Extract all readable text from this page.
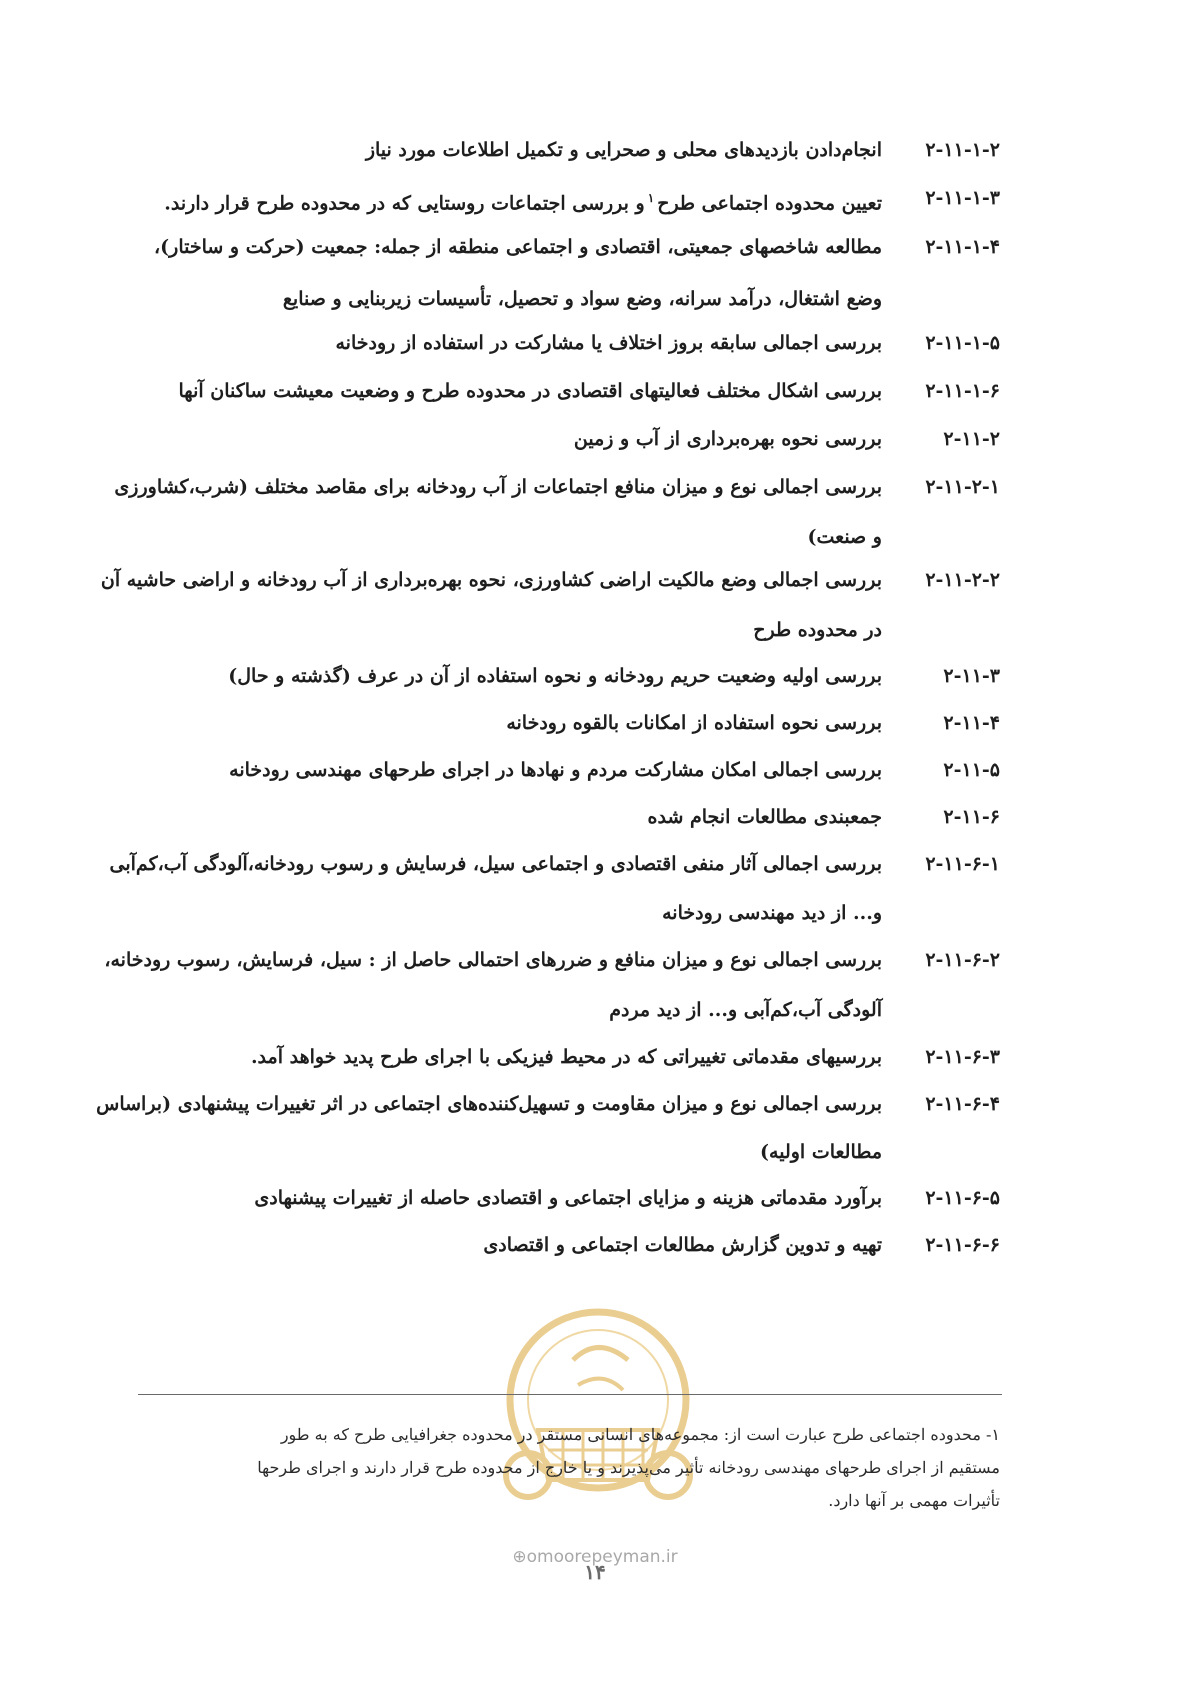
۲-۱۱-۱-۲
انجام‌دادن بازدیدهای محلی و صحرایی و تکمیل اطلاعات مورد نیاز
۲-۱۱-۱-۳
تعیین محدوده اجتماعی طرح$^۱$و بررسی اجتماعات روستایی که در محدوده طرح قرار دارند.
۲-۱۱-۱-۴
مطالعه شاخصهای جمعیتی، اقتصادی و اجتماعی منطقه از جمله: جمعیت (حرکت و ساختار)،
وضع اشتغال، درآمد سرانه، وضع سواد و تحصیل، تأسیسات زیربنایی و صنایع
۲-۱۱-۱-۵
بررسی اجمالی سابقه بروز اختلاف یا مشارکت در استفاده از رودخانه
۲-۱۱-۱-۶
بررسی اشکال مختلف فعالیتهای اقتصادی در محدوده طرح و وضعیت معیشت ساکنان آنها
۲-۱۱-۲
بررسی نحوه بهره‌برداری از آب و زمین
۲-۱۱-۲-۱
بررسی اجمالی نوع و میزان منافع اجتماعات از آب رودخانه برای مقاصد مختلف (شرب،کشاورزی
و صنعت)
۲-۱۱-۲-۲
بررسی اجمالی وضع مالکیت اراضی کشاورزی، نحوه بهره‌برداری از آب رودخانه و اراضی حاشیه آن
در محدوده طرح
۲-۱۱-۳
بررسی اولیه وضعیت حریم رودخانه و نحوه استفاده از آن در عرف (گذشته و حال)
۲-۱۱-۴
بررسی نحوه استفاده از امکانات بالقوه رودخانه
۲-۱۱-۵
بررسی اجمالی امکان مشارکت مردم و نهادها در اجرای طرحهای مهندسی رودخانه
۲-۱۱-۶
جمعبندی مطالعات انجام شده
۲-۱۱-۶-۱
بررسی اجمالی آثار منفی اقتصادی و اجتماعی سیل، فرسایش و رسوب رودخانه،آلودگی آب،کم‌آبی
و... از دید مهندسی رودخانه
۲-۱۱-۶-۲
بررسی اجمالی نوع و میزان منافع و ضررهای احتمالی حاصل از : سیل، فرسایش، رسوب رودخانه،
آلودگی آب،کم‌آبی و... از دید مردم
۲-۱۱-۶-۳
بررسیهای مقدماتی تغییراتی که در محیط فیزیکی با اجرای طرح پدید خواهد آمد.
۲-۱۱-۶-۴
بررسی اجمالی نوع و میزان مقاومت و تسهیل‌کننده‌های اجتماعی در اثر تغییرات پیشنهادی (براساس
مطالعات اولیه)
۲-۱۱-۶-۵
برآورد مقدماتی هزینه و مزایای اجتماعی و اقتصادی حاصله از تغییرات پیشنهادی
۲-۱۱-۶-۶
تهیه و تدوین گزارش مطالعات اجتماعی و اقتصادی

۱- محدوده اجتماعی طرح عبارت است از: مجموعه‌های انسانی مستقر در محدوده جغرافیایی طرح که به طور

مستقیم از اجرای طرحهای مهندسی رودخانه تأثیر می‌پذیرند و یا خارج از محدوده طرح قرار دارند و اجرای طرحها

تأثیرات مهمی بر آنها دارد.

⊕omoorepeyman.ir
۱۴
